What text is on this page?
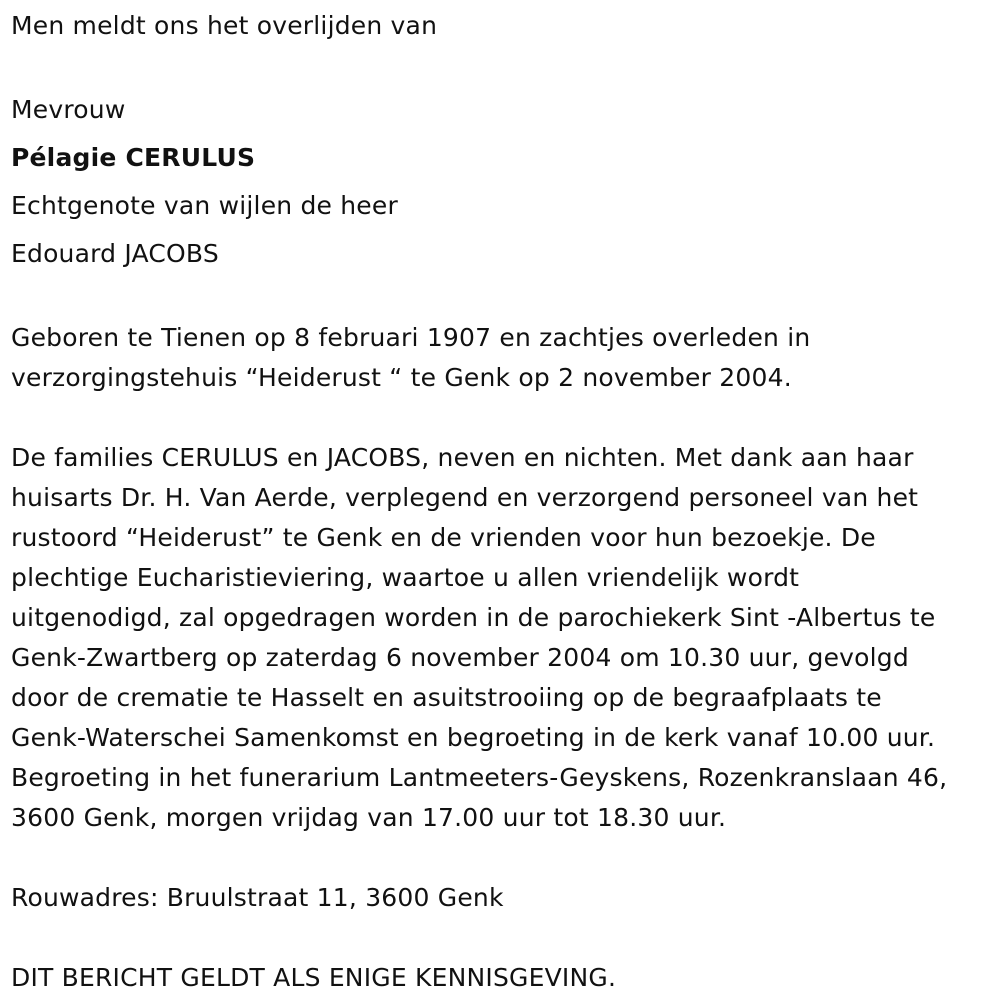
Men meldt ons het overlijden van
Mevrouw
Pélagie CERULUS
Echtgenote van wijlen de heer
Edouard JACOBS
Geboren te Tienen op 8 februari 1907 en zachtjes overleden in
verzorgingstehuis “Heiderust “ te Genk op 2 november 2004.
De families CERULUS en JACOBS, neven en nichten. Met dank aan haar
huisarts Dr. H. Van Aerde, verplegend en verzorgend personeel van het
rustoord “Heiderust” te Genk en de vrienden voor hun bezoekje. De
plechtige Eucharistieviering, waartoe u allen vriendelijk wordt
uitgenodigd, zal opgedragen worden in de parochiekerk Sint -Albertus te
Genk-Zwartberg op zaterdag 6 november 2004 om 10.30 uur, gevolgd
door de crematie te Hasselt en asuitstrooiing op de begraafplaats te
Genk-Waterschei Samenkomst en begroeting in de kerk vanaf 10.00 uur.
Begroeting in het funerarium Lantmeeters-Geyskens, Rozenkranslaan 46,
3600 Genk, morgen vrijdag van 17.00 uur tot 18.30 uur.
Rouwadres: Bruulstraat 11, 3600 Genk
DIT BERICHT GELDT ALS ENIGE KENNISGEVING.
